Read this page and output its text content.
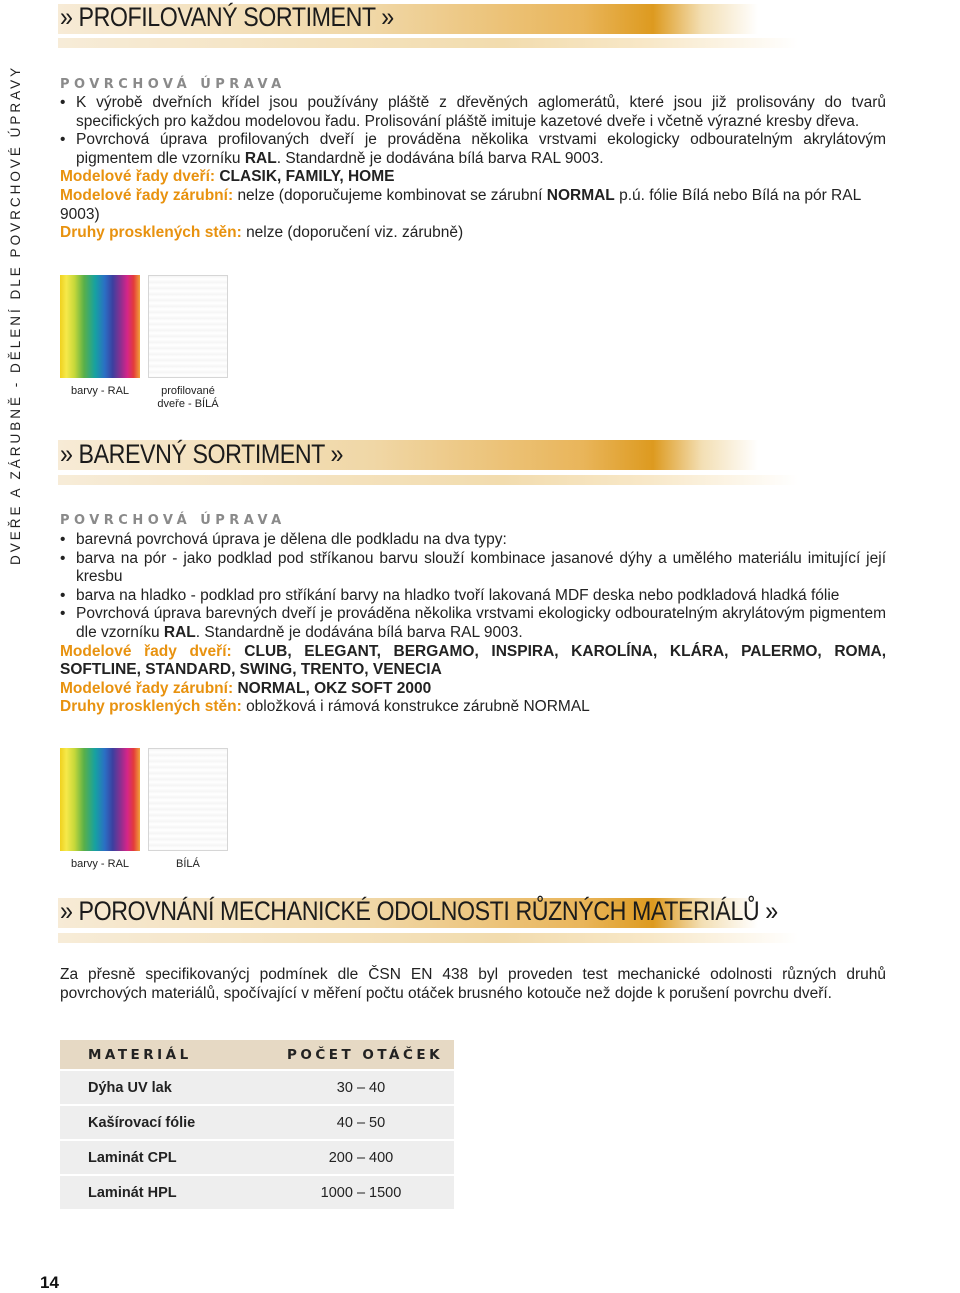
DVEŘE A ZÁRUBNĚ - DĚLENÍ DLE POVRCHOVÉ ÚPRAVY
» PROFILOVANÝ SORTIMENT »

POVRCHOVÁ ÚPRAVA

• K výrobě dveřních křídel jsou používány pláště z dřevěných aglomerátů, které jsou již prolisovány do tvarů specifických pro každou modelovou řadu. Prolisování pláště imituje kazetové dveře i včetně výrazné kresby dřeva.

• Povrchová úprava profilovaných dveří je prováděna několika vrstvami ekologicky odbouratelným akrylátovým pigmentem dle vzorníku RAL. Standardně je dodávána bílá barva RAL 9003.

Modelové řady dveří: CLASIK, FAMILY, HOME

Modelové řady zárubní: nelze (doporučujeme kombinovat se zárubní NORMAL p.ú. fólie Bílá nebo Bílá na pór RAL 9003)

Druhy prosklených stěn: nelze (doporučení viz. zárubně)

barvy - RAL	profilované
dveře - BÍLÁ
» BAREVNÝ SORTIMENT »

POVRCHOVÁ ÚPRAVA

• barevná povrchová úprava je dělena dle podkladu na dva typy:

• barva na pór - jako podklad pod stříkanou barvu slouží kombinace jasanové dýhy a umělého materiálu imitující její kresbu

• barva na hladko - podklad pro stříkání barvy na hladko tvoří lakovaná MDF deska nebo podkladová hladká fólie

• Povrchová úprava barevných dveří je prováděna několika vrstvami ekologicky odbouratelným akrylátovým pigmentem dle vzorníku RAL. Standardně je dodávána bílá barva RAL 9003.

Modelové řady dveří: CLUB, ELEGANT, BERGAMO, INSPIRA, KAROLÍNA, KLÁRA, PALERMO, ROMA, SOFTLINE, STANDARD, SWING, TRENTO, VENECIA

Modelové řady zárubní: NORMAL, OKZ SOFT 2000

Druhy prosklených stěn: obložková i rámová konstrukce zárubně NORMAL

barvy - RAL	BÍLÁ
» POROVNÁNÍ MECHANICKÉ ODOLNOSTI RŮZNÝCH MATERIÁLŮ »

Za přesně specifikovanýcj podmínek dle ČSN EN 438 byl proveden test mechanické odolnosti různých druhů povrchových materiálů, spočívající v měření počtu otáček brusného kotouče než dojde k porušení povrchu dveří.

MATERIÁL	POČET OTÁČEK
Dýha UV lak	30 – 40
Kašírovací fólie	40 – 50
Laminát CPL	200 – 400
Laminát HPL	1000 – 1500

14
